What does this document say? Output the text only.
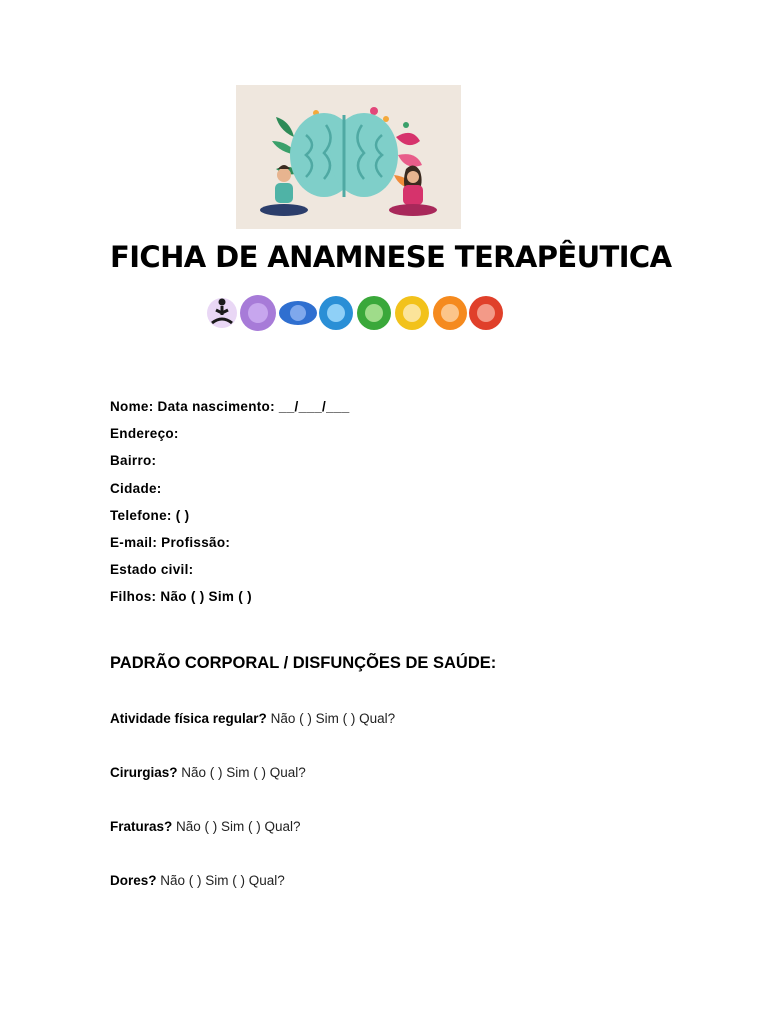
FICHA DE ANAMNESE TERAPÊUTICA
Nome: Data nascimento: __/___/___
Endereço:
Bairro:
Cidade:
Telefone: ( )
E-mail: Profissão:
Estado civil:
Filhos: Não ( ) Sim ( )
PADRÃO CORPORAL / DISFUNÇÕES DE SAÚDE:
Atividade física regular? Não ( ) Sim ( ) Qual?
Cirurgias? Não ( ) Sim ( ) Qual?
Fraturas? Não ( ) Sim ( ) Qual?
Dores? Não ( ) Sim ( ) Qual?
